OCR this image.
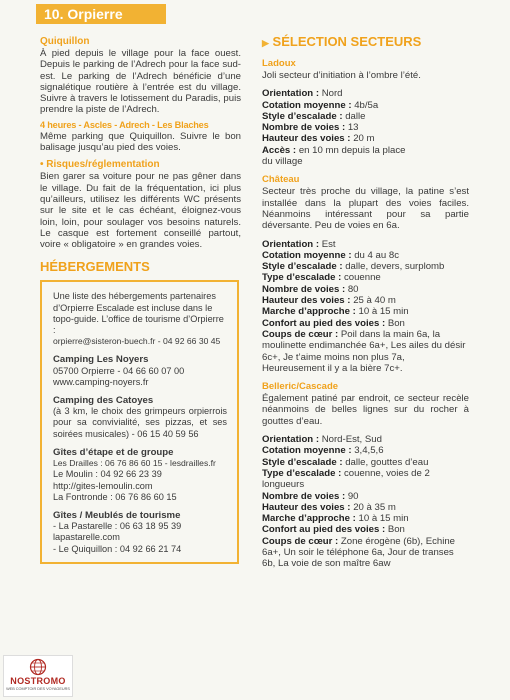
10. Orpierre
Quiquillon

À pied depuis le village pour la face ouest. Depuis le parking de l’Adrech pour la face sud-est. Le parking de l’Adrech bénéficie d’une signalétique routière à l’entrée est du village. Suivre à travers le lotissement du Paradis, puis prendre la piste de l’Adrech.

4 heures - Ascles - Adrech - Les Blaches

Même parking que Quiquillon. Suivre le bon balisage jusqu’au pied des voies.

• Risques/réglementation

Bien garer sa voiture pour ne pas gêner dans le village. Du fait de la fréquentation, ici plus qu’ailleurs, utilisez les différents WC présents sur le site et le cas échéant, éloignez-vous loin, loin, pour soulager vos besoins naturels. Le casque est fortement conseillé partout, voire « obligatoire » en grandes voies.

HÉBERGEMENTS
Une liste des hébergements partenaires d’Orpierre Escalade est incluse dans le topo-guide. L’office de tourisme d’Orpierre :
orpierre@sisteron-buech.fr - 04 92 66 30 45
Camping Les Noyers
05700 Orpierre - 04 66 60 07 00
www.camping-noyers.fr
Camping des Catoyes
(à 3 km, le choix des grimpeurs orpierrois pour sa convivialité, ses pizzas, et ses soirées musicales) - 06 15 40 59 56
Gîtes d’étape et de groupe
Les Drailles : 06 76 86 60 15 - lesdrailles.fr
Le Moulin : 04 92 66 23 39
http://gites-lemoulin.com
La Fontronde : 06 76 86 60 15
Gîtes / Meublés de tourisme
- La Pastarelle : 06 63 18 95 39
lapastarelle.com
- Le Quiquillon : 04 92 66 21 74
▶ SÉLECTION SECTEURS
Ladoux

Joli secteur d’initiation à l’ombre l’été.

Orientation : Nord
Cotation moyenne : 4b/5a
Style d’escalade : dalle
Nombre de voies : 13
Hauteur des voies : 20 m
Accès : en 10 mn depuis la place du village
Château

Secteur très proche du village, la patine s’est installée dans la plupart des voies faciles. Néanmoins intéressant pour sa partie déversante. Peu de voies en 6a.

Orientation : Est
Cotation moyenne : du 4 au 8c
Style d’escalade : dalle, devers, surplomb
Type d’escalade : couenne
Nombre de voies : 80
Hauteur des voies : 25 à 40 m
Marche d’approche : 10 à 15 min
Confort au pied des voies : Bon
Coups de cœur : Poil dans la main 6a, la moulinette endimanchée 6a+, Les ailes du désir 6c+, Je t’aime moins non plus 7a, Heureusement il y a la bière 7c+.
Belleric/Cascade

Également patiné par endroit, ce secteur recèle néanmoins de belles lignes sur du rocher à gouttes d’eau.

Orientation : Nord-Est, Sud
Cotation moyenne : 3,4,5,6
Style d’escalade : dalle, gouttes d’eau
Type d’escalade : couenne, voies de 2 longueurs
Nombre de voies : 90
Hauteur des voies : 20 à 35 m
Marche d’approche : 10 à 15 min
Confort au pied des voies : Bon
Coups de cœur : Zone érogène (6b), Echine 6a+, Un soir le téléphone 6a, Jour de transes 6b, La voie de son maître 6aw
NOSTROMO
WEB COMPTOIR DES VOYAGEURS
